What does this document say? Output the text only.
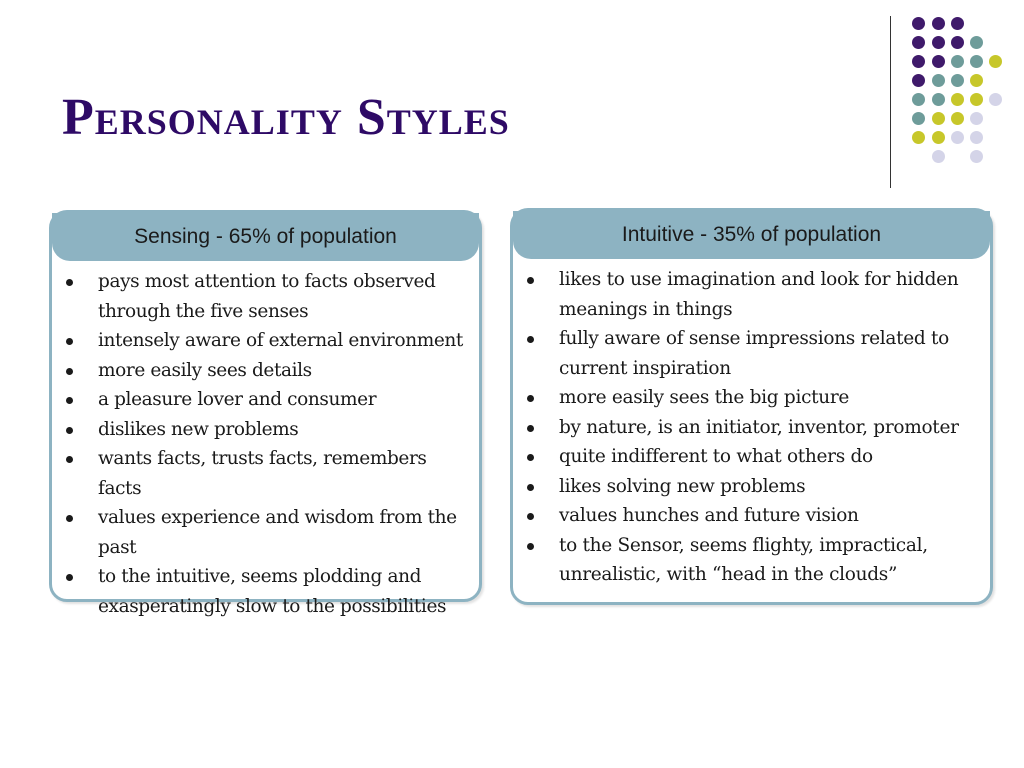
Personality Styles
Sensing - 65% of population
pays most attention to facts observed through the five senses
intensely aware of external environment
more easily sees details
a pleasure lover and consumer
dislikes new problems
wants facts, trusts facts, remembers facts
values experience and wisdom from the past
to the intuitive, seems plodding and exasperatingly slow to the possibilities
Intuitive - 35% of population
likes to use imagination and look for hidden meanings in things
fully aware of sense impressions related to current inspiration
more easily sees the big picture
by nature, is an initiator, inventor, promoter
quite indifferent to what others do
likes solving new problems
values hunches and future vision
to the Sensor, seems flighty, impractical, unrealistic, with “head in the clouds”
